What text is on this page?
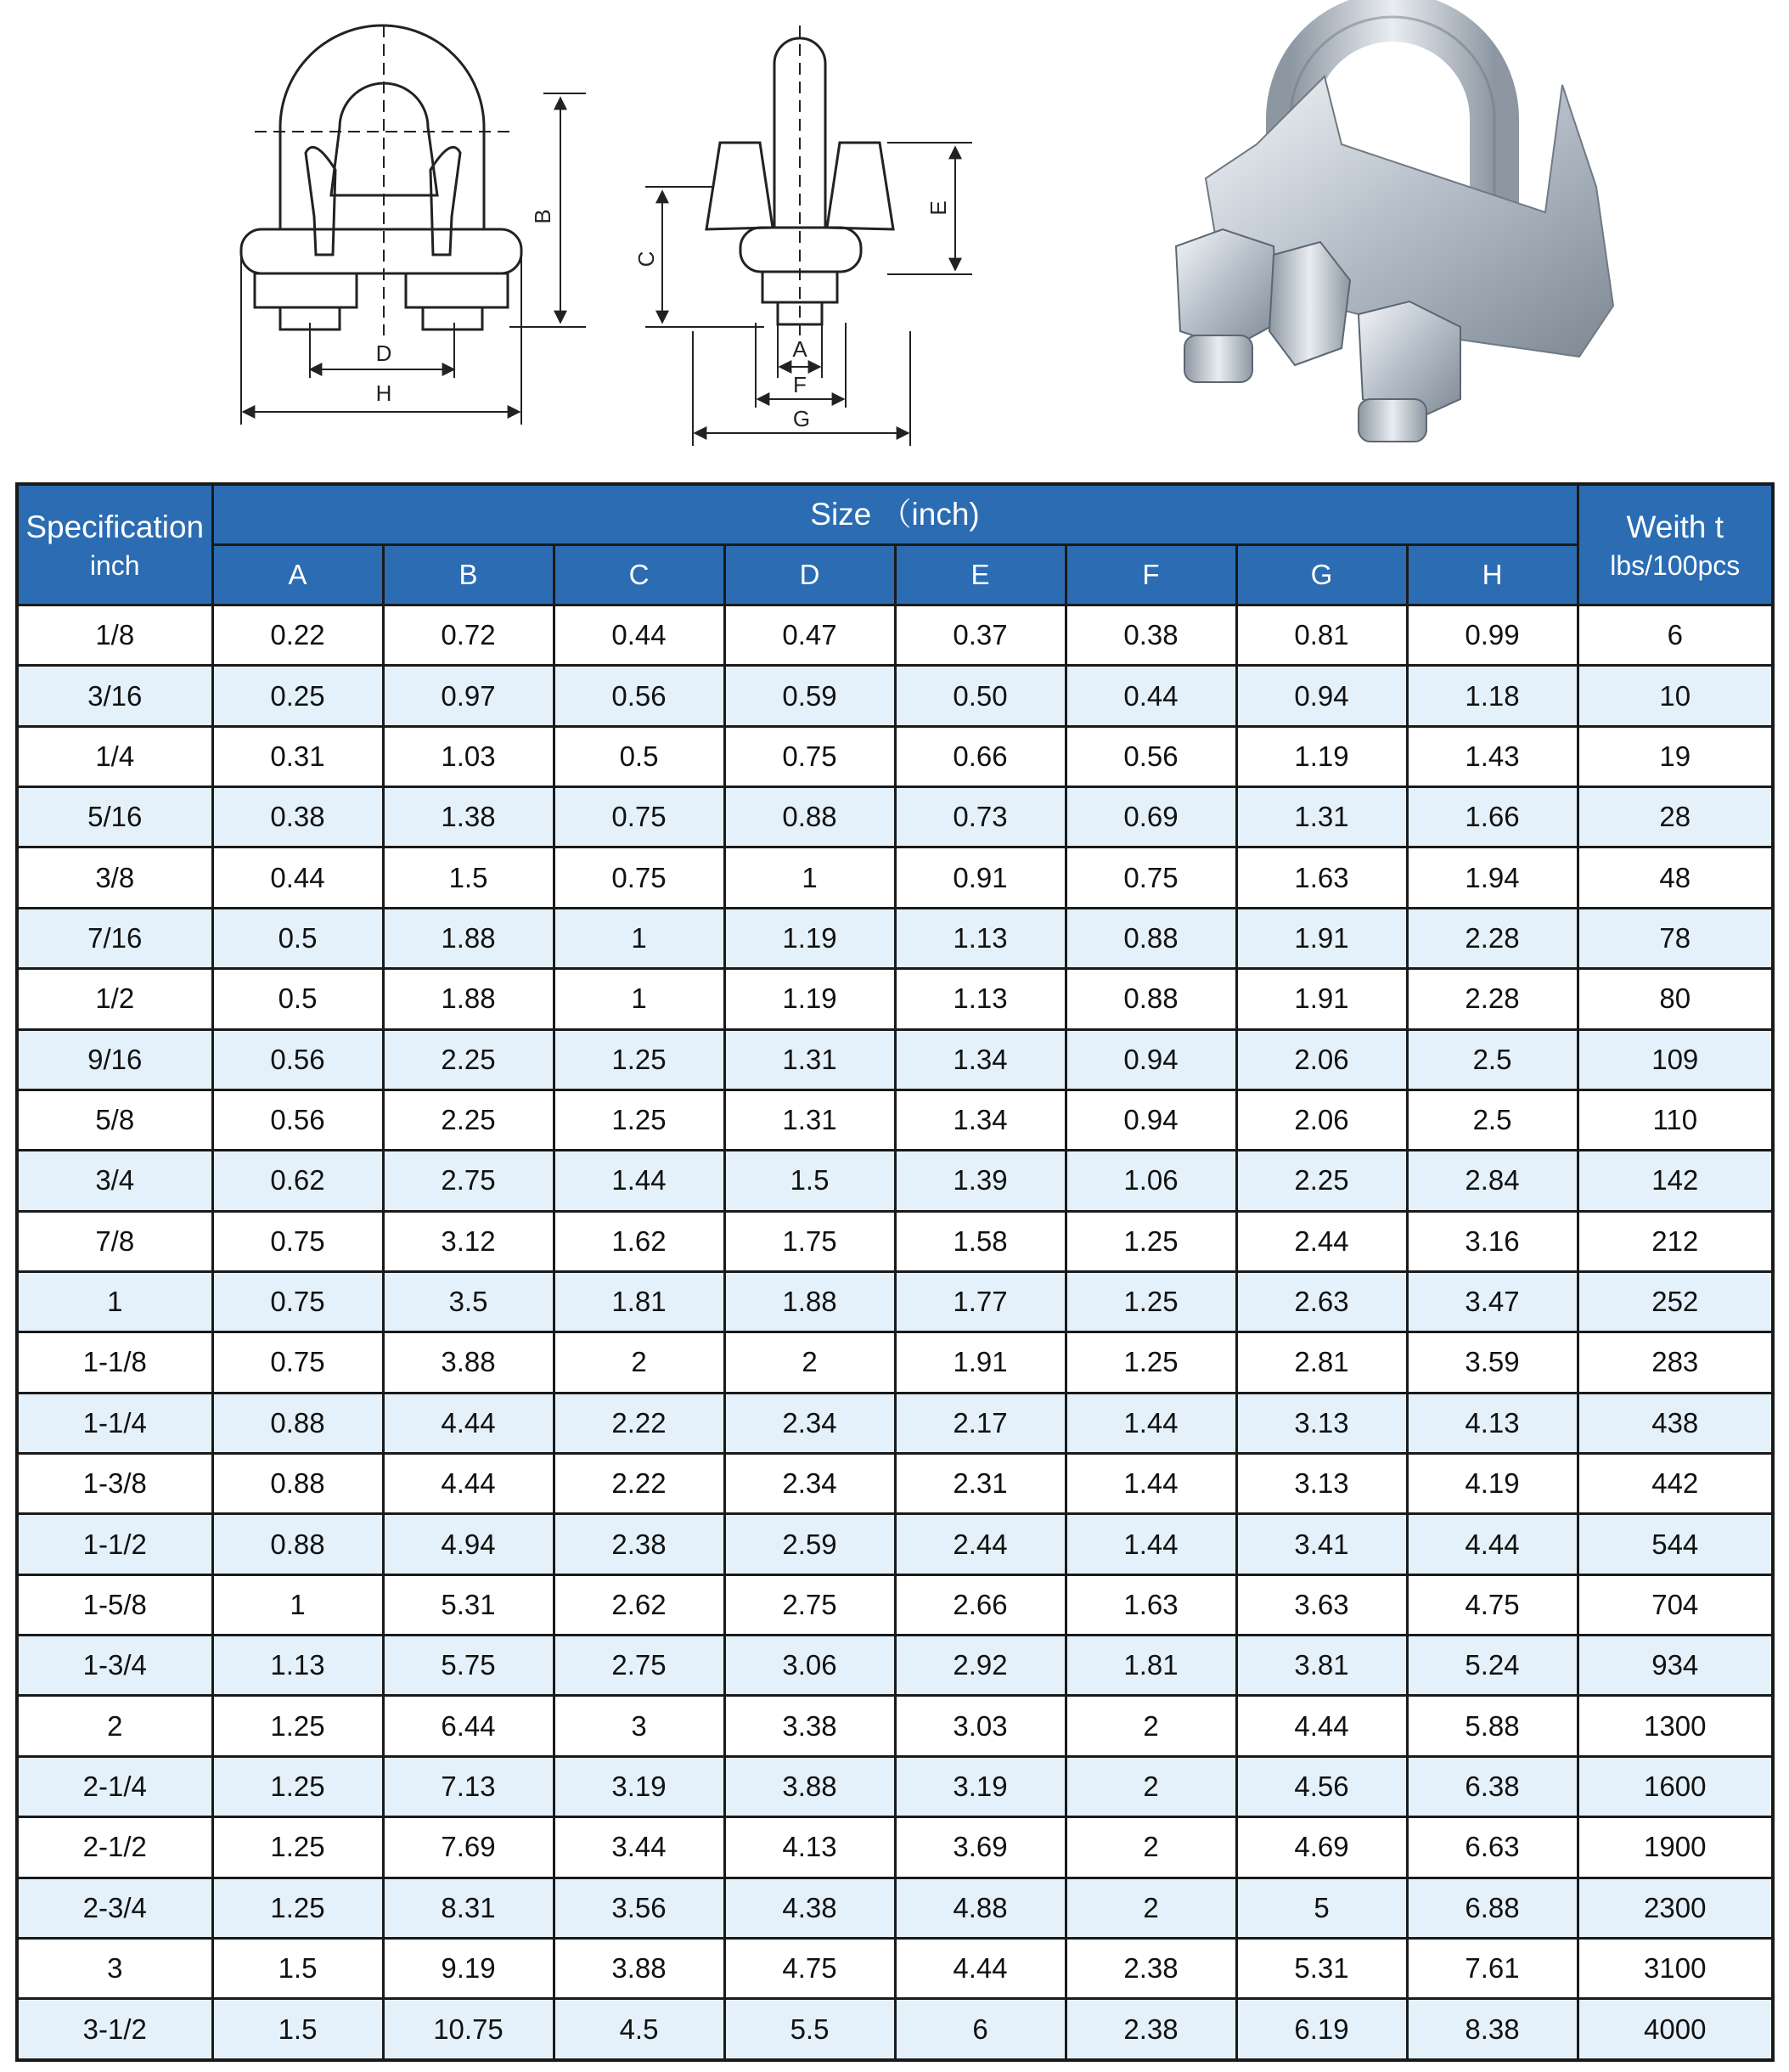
B
D
H
C
E
A
F
G
Specification
inch	Size （inch)								Weith t
lbs/100pcs

	A	B	C	D	E	F	G	H	
1/8	0.22	0.72	0.44	0.47	0.37	0.38	0.81	0.99	6
3/16	0.25	0.97	0.56	0.59	0.50	0.44	0.94	1.18	10
1/4	0.31	1.03	0.5	0.75	0.66	0.56	1.19	1.43	19
5/16	0.38	1.38	0.75	0.88	0.73	0.69	1.31	1.66	28
3/8	0.44	1.5	0.75	1	0.91	0.75	1.63	1.94	48
7/16	0.5	1.88	1	1.19	1.13	0.88	1.91	2.28	78
1/2	0.5	1.88	1	1.19	1.13	0.88	1.91	2.28	80
9/16	0.56	2.25	1.25	1.31	1.34	0.94	2.06	2.5	109
5/8	0.56	2.25	1.25	1.31	1.34	0.94	2.06	2.5	110
3/4	0.62	2.75	1.44	1.5	1.39	1.06	2.25	2.84	142
7/8	0.75	3.12	1.62	1.75	1.58	1.25	2.44	3.16	212
1	0.75	3.5	1.81	1.88	1.77	1.25	2.63	3.47	252
1-1/8	0.75	3.88	2	2	1.91	1.25	2.81	3.59	283
1-1/4	0.88	4.44	2.22	2.34	2.17	1.44	3.13	4.13	438
1-3/8	0.88	4.44	2.22	2.34	2.31	1.44	3.13	4.19	442
1-1/2	0.88	4.94	2.38	2.59	2.44	1.44	3.41	4.44	544
1-5/8	1	5.31	2.62	2.75	2.66	1.63	3.63	4.75	704
1-3/4	1.13	5.75	2.75	3.06	2.92	1.81	3.81	5.24	934
2	1.25	6.44	3	3.38	3.03	2	4.44	5.88	1300
2-1/4	1.25	7.13	3.19	3.88	3.19	2	4.56	6.38	1600
2-1/2	1.25	7.69	3.44	4.13	3.69	2	4.69	6.63	1900
2-3/4	1.25	8.31	3.56	4.38	4.88	2	5	6.88	2300
3	1.5	9.19	3.88	4.75	4.44	2.38	5.31	7.61	3100
3-1/2	1.5	10.75	4.5	5.5	6	2.38	6.19	8.38	4000
